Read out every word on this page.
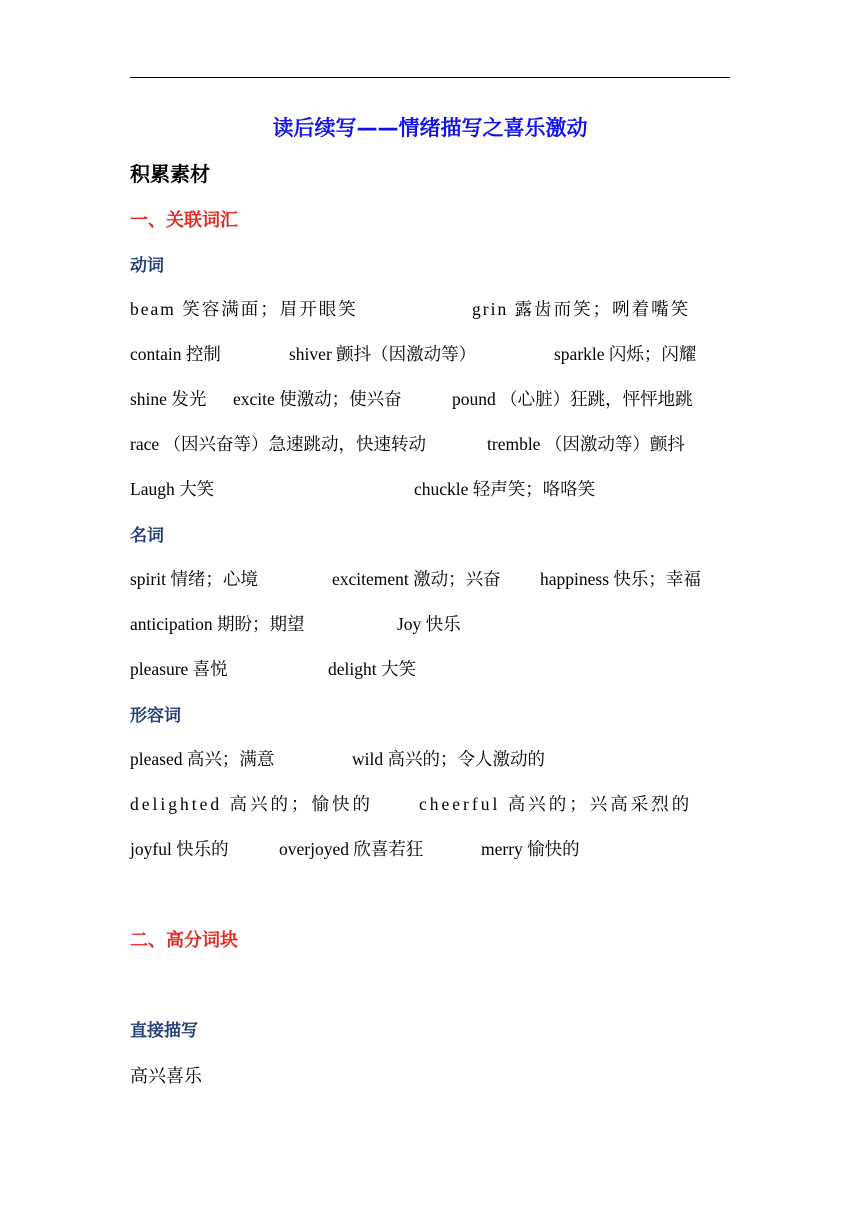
读后续写——情绪描写之喜乐激动
积累素材
一、关联词汇
动词
beam 笑容满面；眉开眼笑	grin 露齿而笑；咧着嘴笑
contain 控制	shiver 颤抖（因激动等）	sparkle 闪烁；闪耀
shine 发光 excite 使激动；使兴奋	pound （心脏）狂跳，怦怦地跳
race （因兴奋等）急速跳动，快速转动	tremble （因激动等）颤抖
Laugh 大笑	chuckle 轻声笑；咯咯笑
名词
spirit 情绪；心境	excitement 激动；兴奋 happiness 快乐；幸福
anticipation 期盼；期望	Joy 快乐
pleasure 喜悦	delight 大笑
形容词
pleased 高兴；满意	wild 高兴的；令人激动的
delighted 高兴的；愉快的	cheerful 高兴的；兴高采烈的
joyful 快乐的	overjoyed 欣喜若狂	merry 愉快的
二、高分词块
直接描写
高兴喜乐
